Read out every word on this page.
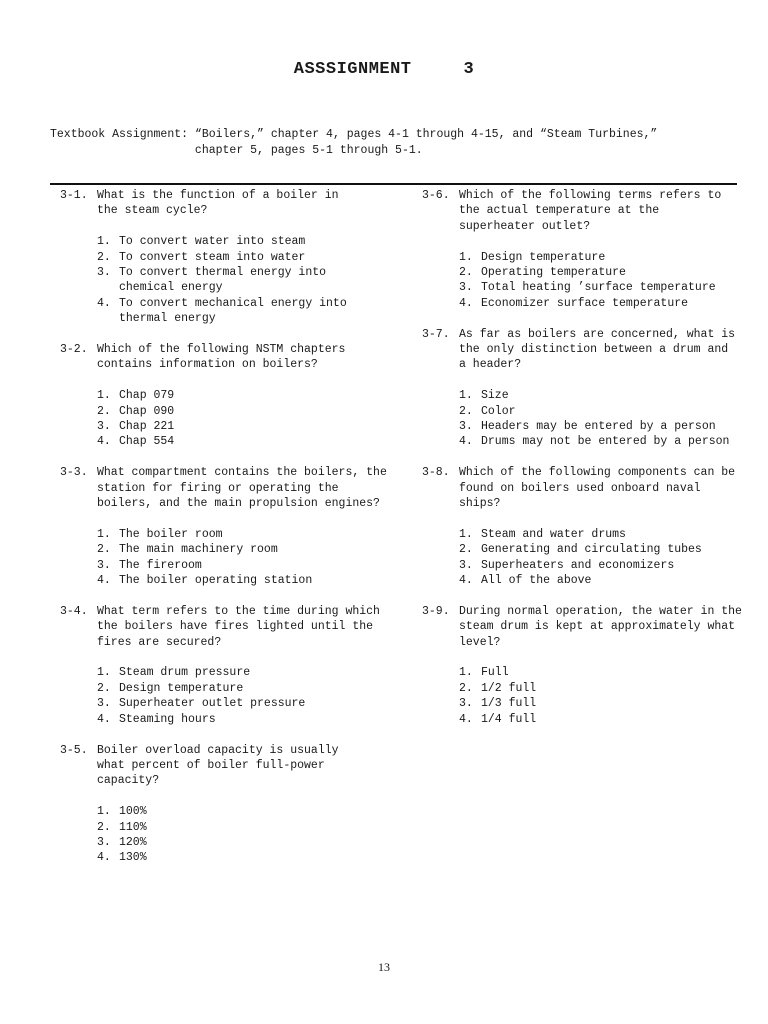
ASSSIGNMENT	3
Textbook Assignment: “Boilers,” chapter 4, pages 4-1 through 4-15, and “Steam Turbines,”
chapter 5, pages 5-1 through 5-1.
3-1. What is the function of a boiler in the steam cycle?
1. To convert water into steam
2. To convert steam into water
3. To convert thermal energy into chemical energy
4. To convert mechanical energy into thermal energy
3-2. Which of the following NSTM chapters contains information on boilers?
1. Chap 079
2. Chap 090
3. Chap 221
4. Chap 554
3-3. What compartment contains the boilers, the station for firing or operating the boilers, and the main propulsion engines?
1. The boiler room
2. The main machinery room
3. The fireroom
4. The boiler operating station
3-4. What term refers to the time during which the boilers have fires lighted until the fires are secured?
1. Steam drum pressure
2. Design temperature
3. Superheater outlet pressure
4. Steaming hours
3-5. Boiler overload capacity is usually what percent of boiler full-power capacity?
1. 100%
2. 110%
3. 120%
4. 130%
3-6. Which of the following terms refers to the actual temperature at the superheater outlet?
1. Design temperature
2. Operating temperature
3. Total heating ’surface temperature
4. Economizer surface temperature
3-7. As far as boilers are concerned, what is the only distinction between a drum and a header?
1. Size
2. Color
3. Headers may be entered by a person
4. Drums may not be entered by a person
3-8. Which of the following components can be found on boilers used onboard naval ships?
1. Steam and water drums
2. Generating and circulating tubes
3. Superheaters and economizers
4. All of the above
3-9. During normal operation, the water in the steam drum is kept at approximately what level?
1. Full
2. 1/2 full
3. 1/3 full
4. 1/4 full
13
